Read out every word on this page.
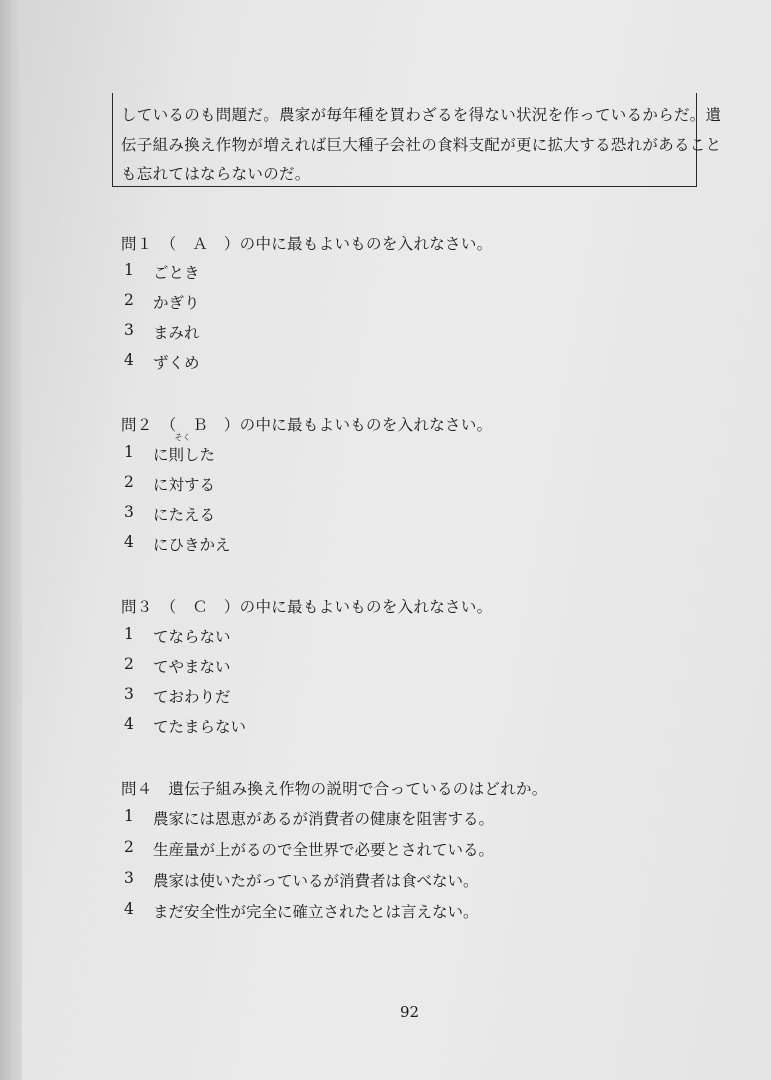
しているのも問題だ。農家が毎年種を買わざるを得ない状況を作っているからだ。遺

伝子組み換え作物が増えれば巨大種子会社の食料支配が更に拡大する恐れがあること

も忘れてはならないのだ。

問１　（　Ａ　）の中に最もよいものを入れなさい。

1	ごとき
2	かぎり
3	まみれ
4	ずくめ

問２　（　Ｂ　）の中に最もよいものを入れなさい。

1	に
そく
則した
2	に対する
3	にたえる
4	にひきかえ

問３　（　Ｃ　）の中に最もよいものを入れなさい。

1	てならない
2	てやまない
3	ておわりだ
4	てたまらない

問４　遺伝子組み換え作物の説明で合っているのはどれか。

1	農家には恩恵があるが消費者の健康を阻害する。
2	生産量が上がるので全世界で必要とされている。
3	農家は使いたがっているが消費者は食べない。
4	まだ安全性が完全に確立されたとは言えない。
92
